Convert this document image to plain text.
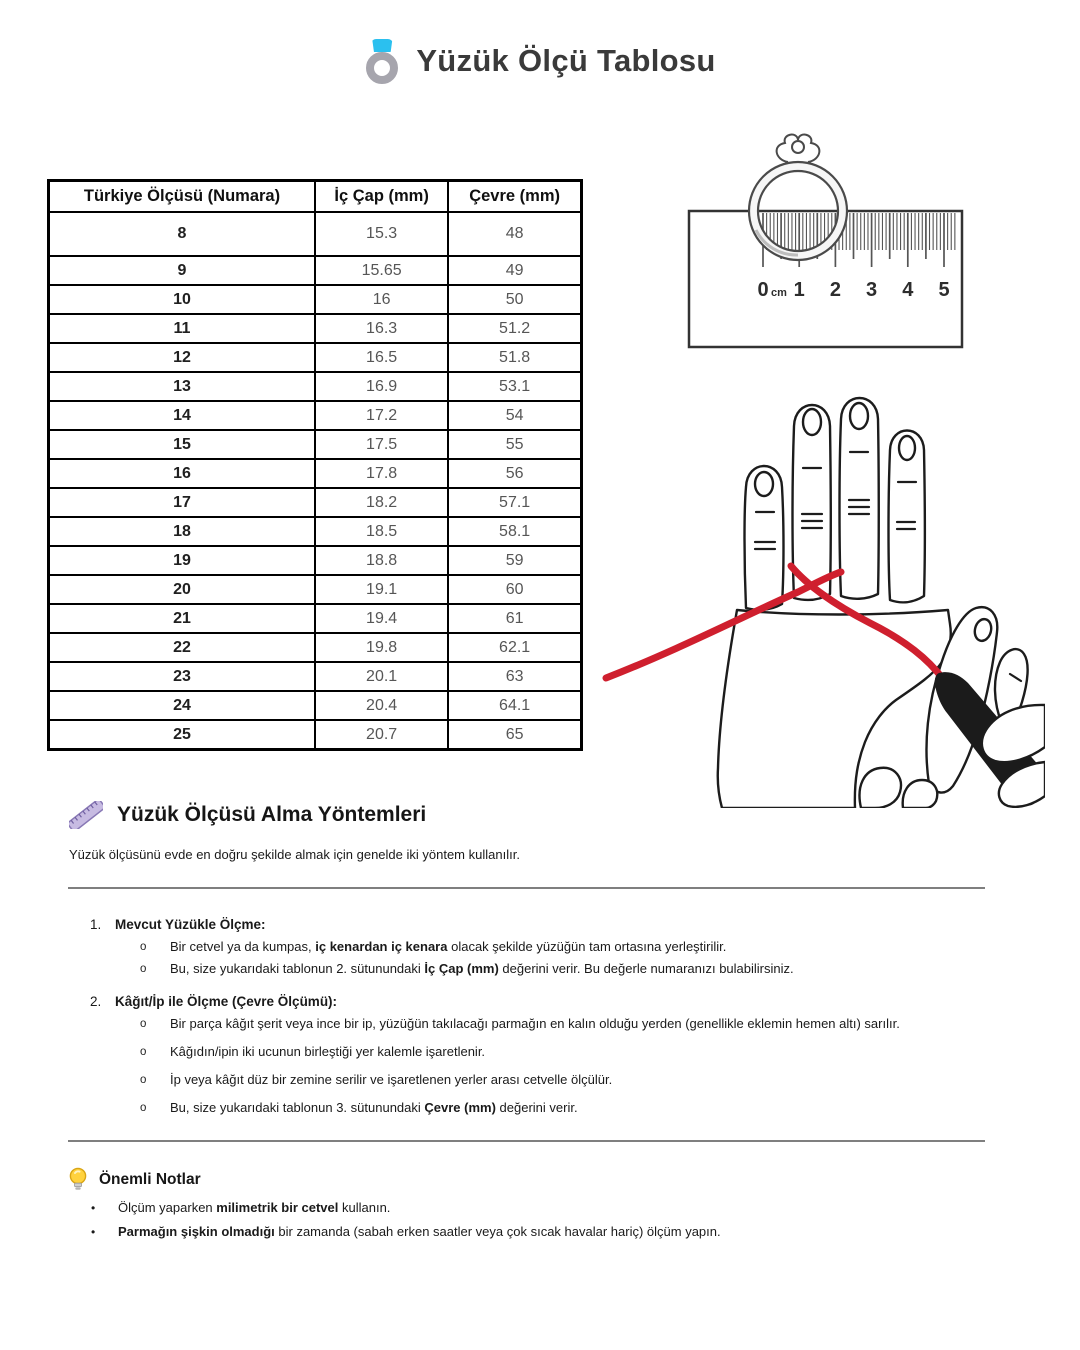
Yüzük Ölçü Tablosu
Türkiye Ölçüsü (Numara)	İç Çap (mm)	Çevre (mm)
8	15.3	48
9	15.65	49
10	16	50
11	16.3	51.2
12	16.5	51.8
13	16.9	53.1
14	17.2	54
15	17.5	55
16	17.8	56
17	18.2	57.1
18	18.5	58.1
19	18.8	59
20	19.1	60
21	19.4	61
22	19.8	62.1
23	20.1	63
24	20.4	64.1
25	20.7	65
0 1 2 3 4 5
cm
Yüzük Ölçüsü Alma Yöntemleri

Yüzük ölçüsünü evde en doğru şekilde almak için genelde iki yöntem kullanılır.

1.	Mevcut Yüzükle Ölçme:
o	Bir cetvel ya da kumpas, iç kenardan iç kenara olacak şekilde yüzüğün tam ortasına yerleştirilir.
o	Bu, size yukarıdaki tablonun 2. sütunundaki İç Çap (mm) değerini verir. Bu değerle numaranızı bulabilirsiniz.
2.	Kâğıt/İp ile Ölçme (Çevre Ölçümü):
o	Bir parça kâğıt şerit veya ince bir ip, yüzüğün takılacağı parmağın en kalın olduğu yerden (genellikle eklemin hemen altı) sarılır.
o	Kâğıdın/ipin iki ucunun birleştiği yer kalemle işaretlenir.
o	İp veya kâğıt düz bir zemine serilir ve işaretlenen yerler arası cetvelle ölçülür.
o	Bu, size yukarıdaki tablonun 3. sütunundaki Çevre (mm) değerini verir.
Önemli Notlar
•	Ölçüm yaparken milimetrik bir cetvel kullanın.
•	Parmağın şişkin olmadığı bir zamanda (sabah erken saatler veya çok sıcak havalar hariç) ölçüm yapın.
